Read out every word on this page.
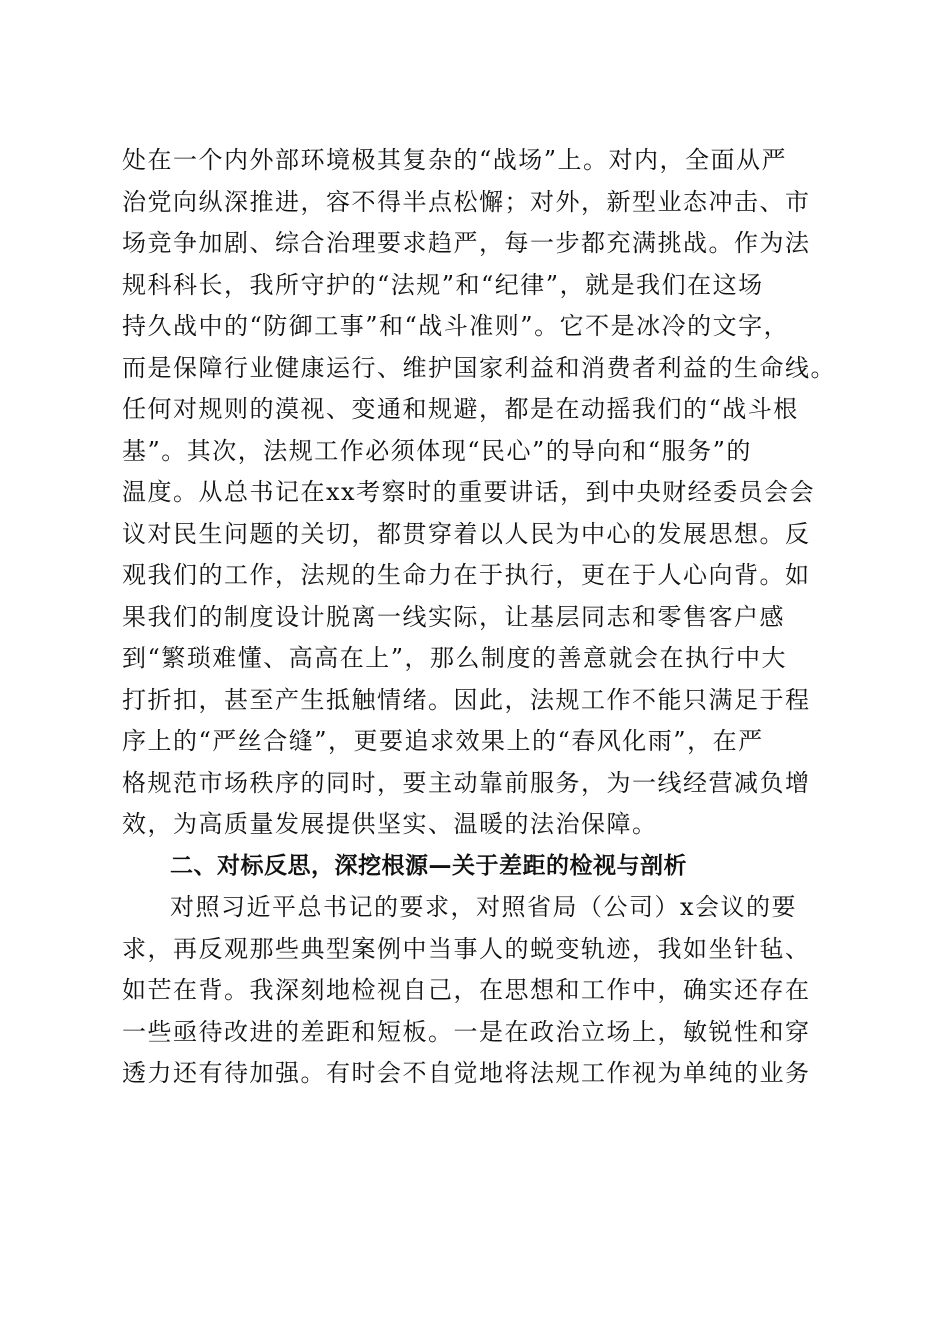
处在一个内外部环境极其复杂的“战场”上。对内，全面从严
治党向纵深推进，容不得半点松懈；对外，新型业态冲击、市
场竞争加剧、综合治理要求趋严，每一步都充满挑战。作为法
规科科长，我所守护的“法规”和“纪律”，就是我们在这场
持久战中的“防御工事”和“战斗准则”。它不是冰冷的文字，
而是保障行业健康运行、维护国家利益和消费者利益的生命线。
任何对规则的漠视、变通和规避，都是在动摇我们的“战斗根
基”。其次，法规工作必须体现“民心”的导向和“服务”的
温度。从总书记在xx考察时的重要讲话，到中央财经委员会会
议对民生问题的关切，都贯穿着以人民为中心的发展思想。反
观我们的工作，法规的生命力在于执行，更在于人心向背。如
果我们的制度设计脱离一线实际，让基层同志和零售客户感
到“繁琐难懂、高高在上”，那么制度的善意就会在执行中大
打折扣，甚至产生抵触情绪。因此，法规工作不能只满足于程
序上的“严丝合缝”，更要追求效果上的“春风化雨”，在严
格规范市场秩序的同时，要主动靠前服务，为一线经营减负增
效，为高质量发展提供坚实、温暖的法治保障。
二、对标反思，深挖根源—关于差距的检视与剖析
对照习近平总书记的要求，对照省局（公司）x会议的要
求，再反观那些典型案例中当事人的蜕变轨迹，我如坐针毡、
如芒在背。我深刻地检视自己，在思想和工作中，确实还存在
一些亟待改进的差距和短板。一是在政治立场上，敏锐性和穿
透力还有待加强。有时会不自觉地将法规工作视为单纯的业务
